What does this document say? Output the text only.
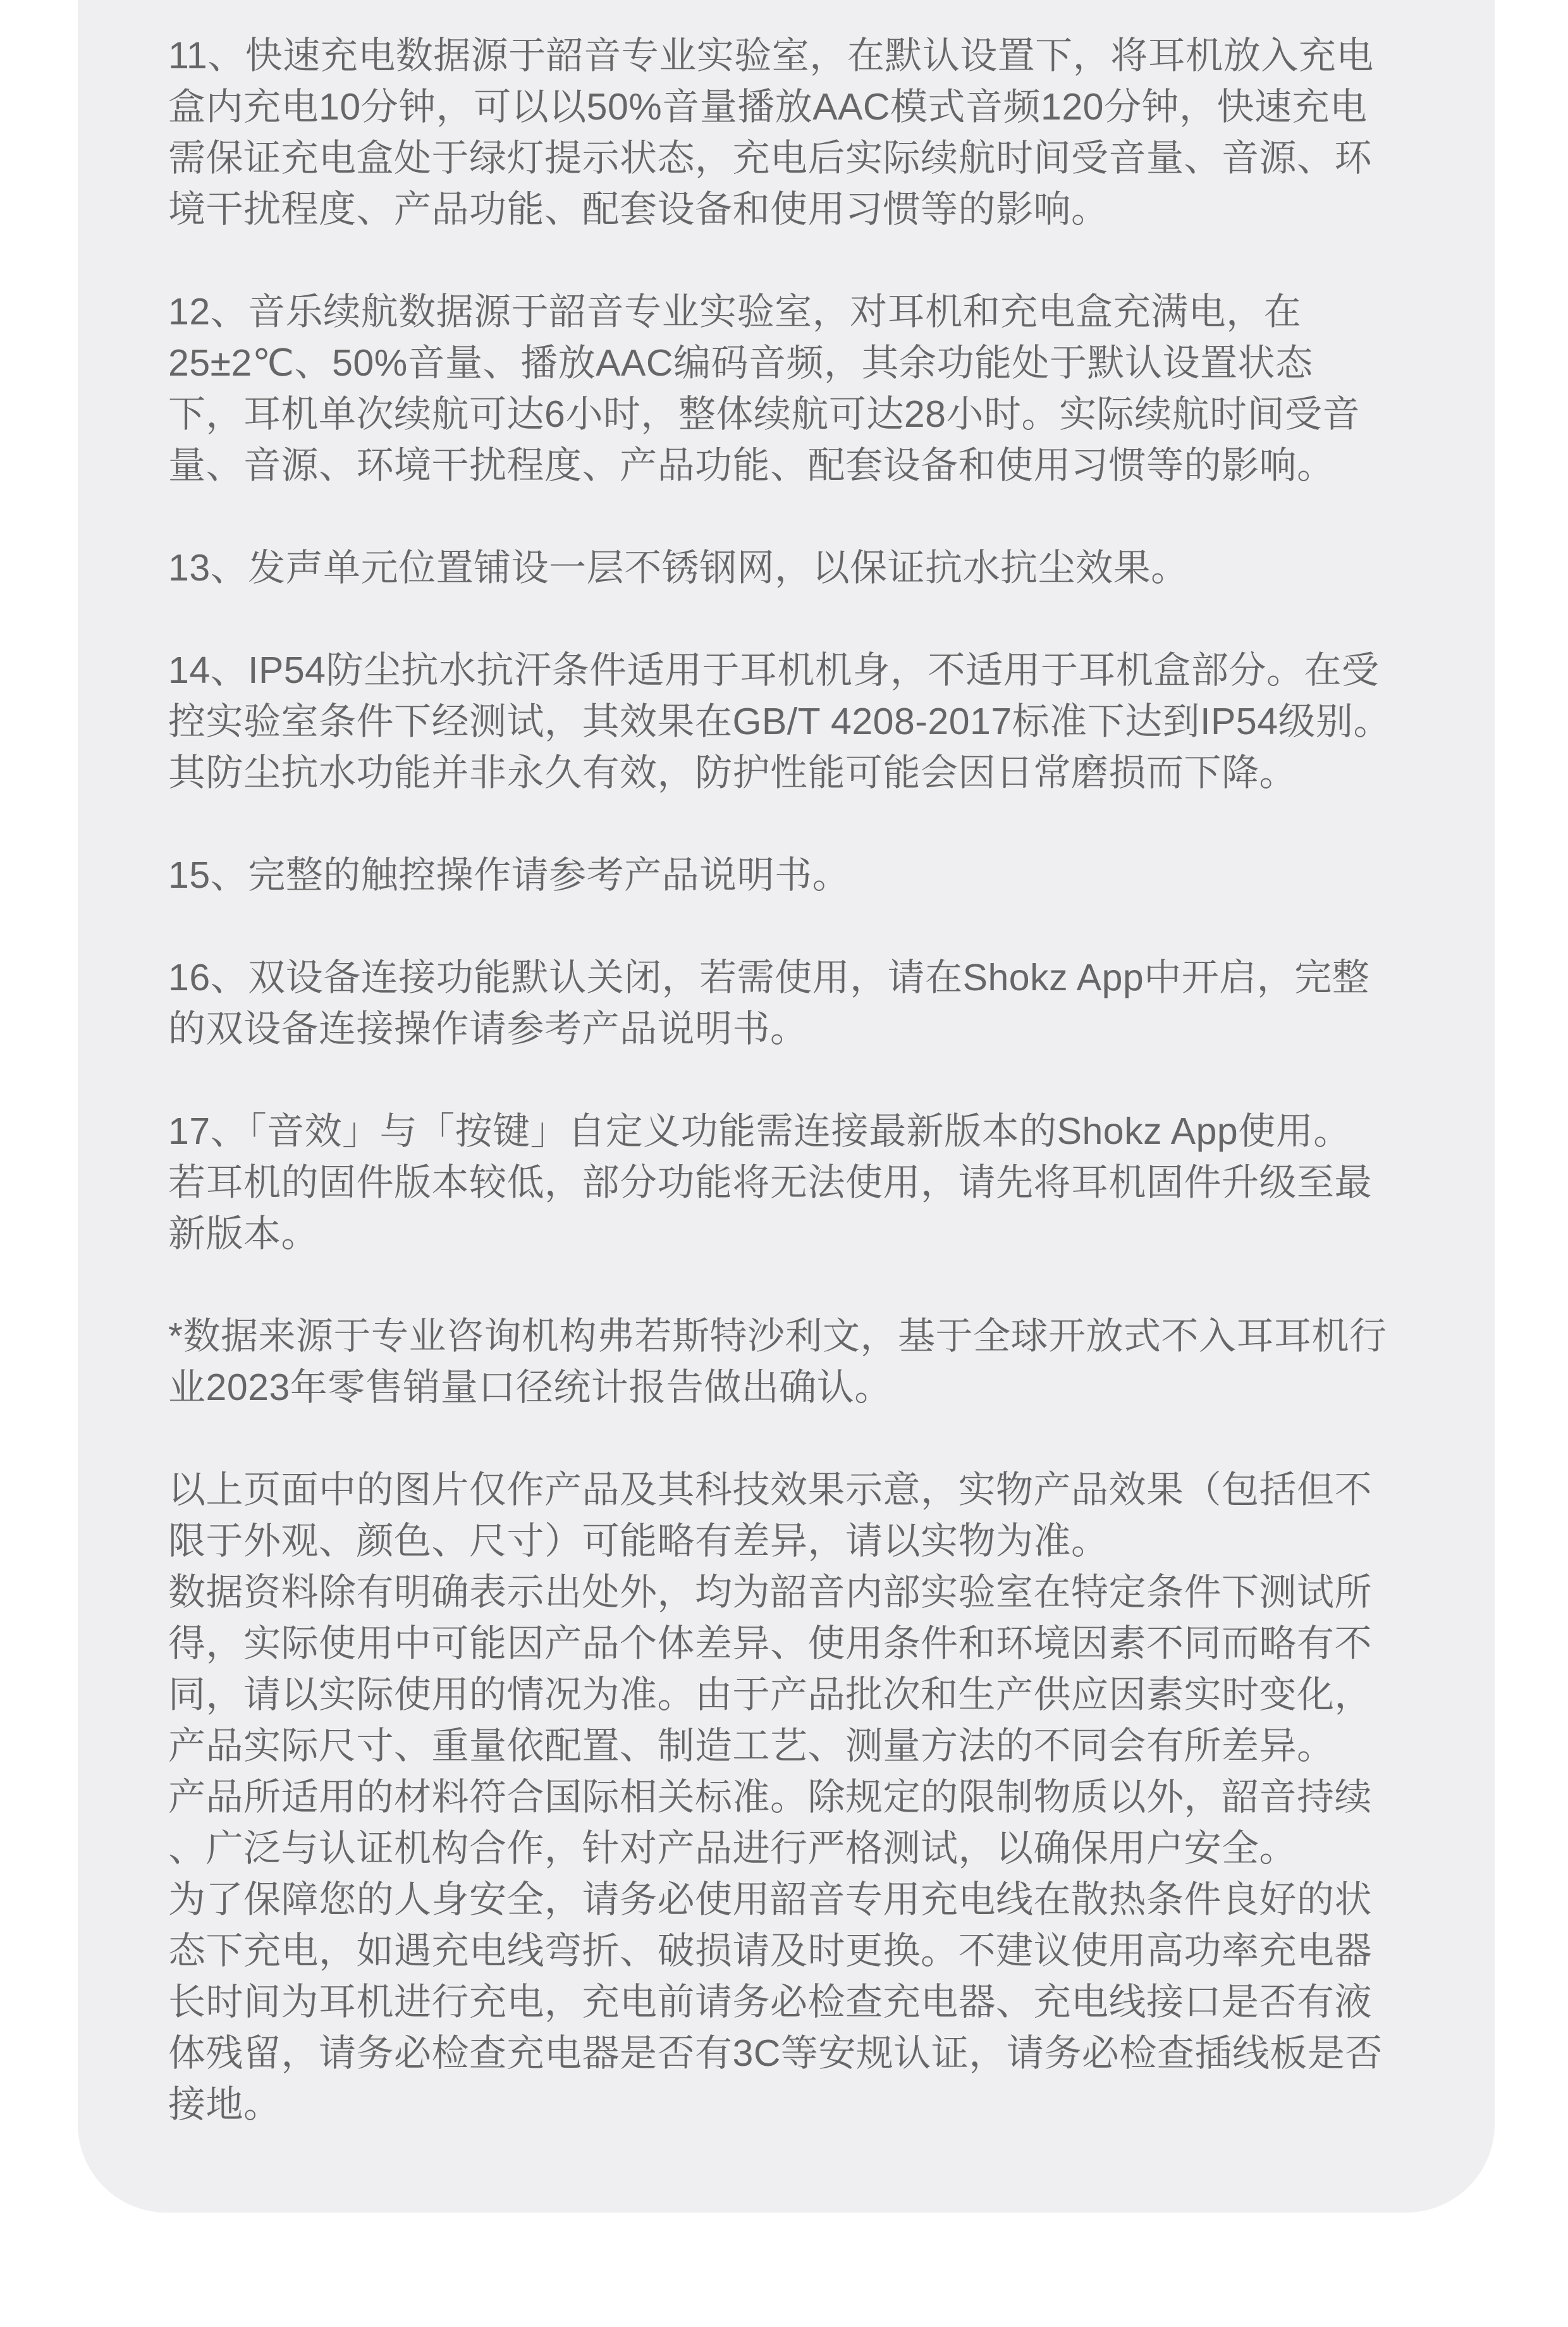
11、快速充电数据源于韶音专业实验室，在默认设置下，将耳机放入充电
盒内充电10分钟，可以以50%音量播放AAC模式音频120分钟，快速充电
需保证充电盒处于绿灯提示状态，充电后实际续航时间受音量、音源、环
境干扰程度、产品功能、配套设备和使用习惯等的影响。
12、音乐续航数据源于韶音专业实验室，对耳机和充电盒充满电，在
25±2℃、50%音量、播放AAC编码音频，其余功能处于默认设置状态
下，耳机单次续航可达6小时，整体续航可达28小时。实际续航时间受音
量、音源、环境干扰程度、产品功能、配套设备和使用习惯等的影响。
13、发声单元位置铺设一层不锈钢网，以保证抗水抗尘效果。
14、IP54防尘抗水抗汗条件适用于耳机机身，不适用于耳机盒部分。在受
控实验室条件下经测试，其效果在GB/T 4208-2017标准下达到IP54级别。
其防尘抗水功能并非永久有效，防护性能可能会因日常磨损而下降。
15、完整的触控操作请参考产品说明书。
16、双设备连接功能默认关闭，若需使用，请在Shokz App中开启，完整
的双设备连接操作请参考产品说明书。
17、「音效」与「按键」自定义功能需连接最新版本的Shokz App使用。
若耳机的固件版本较低，部分功能将无法使用，请先将耳机固件升级至最
新版本。
*数据来源于专业咨询机构弗若斯特沙利文，基于全球开放式不入耳耳机行
业2023年零售销量口径统计报告做出确认。
以上页面中的图片仅作产品及其科技效果示意，实物产品效果（包括但不
限于外观、颜色、尺寸）可能略有差异，请以实物为准。
数据资料除有明确表示出处外，均为韶音内部实验室在特定条件下测试所
得，实际使用中可能因产品个体差异、使用条件和环境因素不同而略有不
同，请以实际使用的情况为准。由于产品批次和生产供应因素实时变化，
产品实际尺寸、重量依配置、制造工艺、测量方法的不同会有所差异。
产品所适用的材料符合国际相关标准。除规定的限制物质以外，韶音持续
、广泛与认证机构合作，针对产品进行严格测试，以确保用户安全。
为了保障您的人身安全，请务必使用韶音专用充电线在散热条件良好的状
态下充电，如遇充电线弯折、破损请及时更换。不建议使用高功率充电器
长时间为耳机进行充电，充电前请务必检查充电器、充电线接口是否有液
体残留，请务必检查充电器是否有3C等安规认证，请务必检查插线板是否
接地。
